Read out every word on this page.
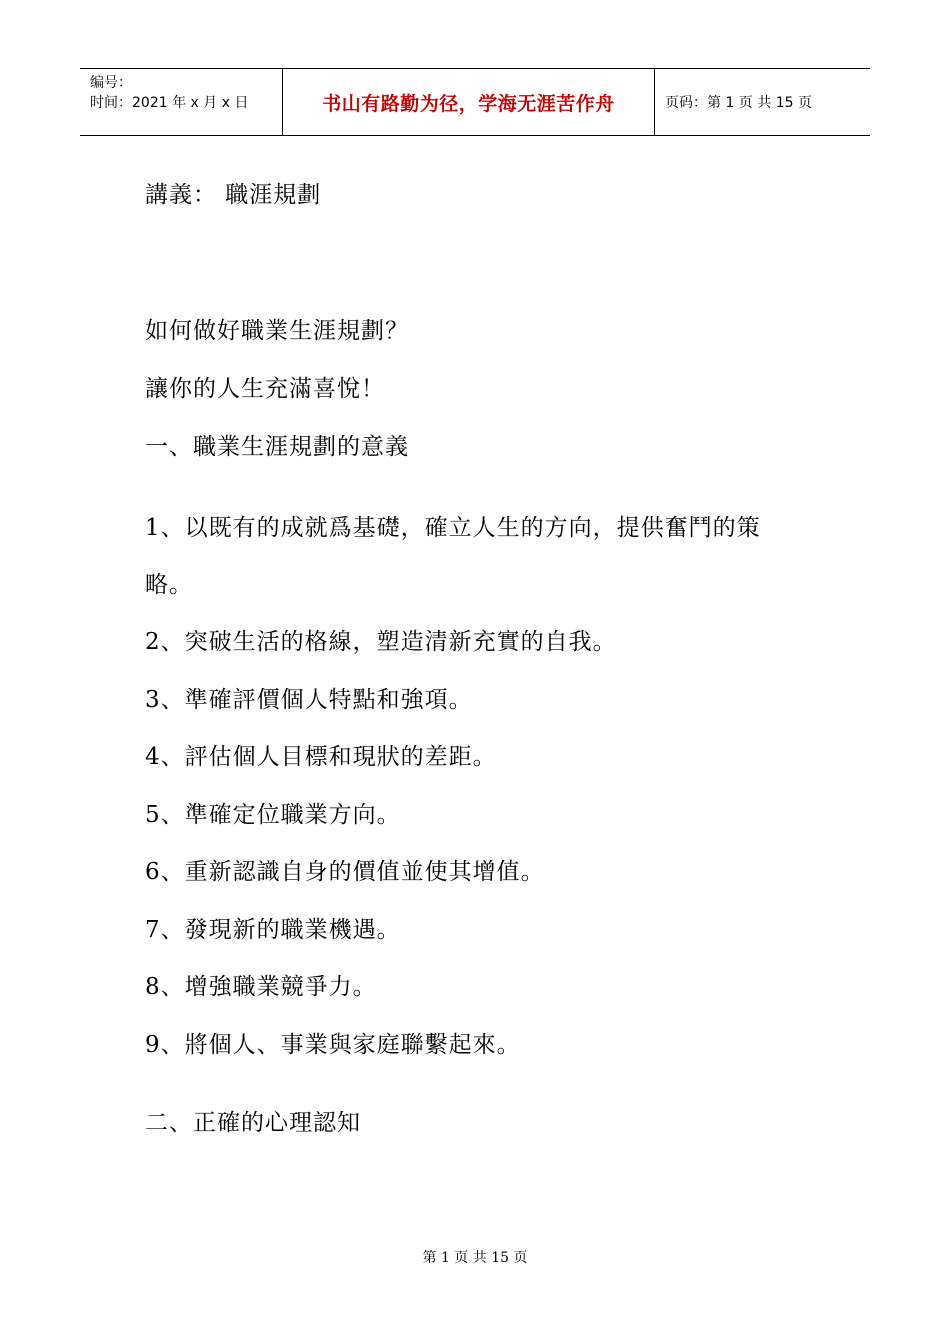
编号：
时间：2021 年 x 月 x 日	书山有路勤为径，学海无涯苦作舟	页码：第 1 页 共 15 页
講義： 職涯規劃
如何做好職業生涯規劃？
讓你的人生充滿喜悅！
一、職業生涯規劃的意義
1、以既有的成就爲基礎，確立人生的方向，提供奮鬥的策
略。
2、突破生活的格線，塑造清新充實的自我。
3、準確評價個人特點和強項。
4、評估個人目標和現狀的差距。
5、準確定位職業方向。
6、重新認識自身的價值並使其增值。
7、發現新的職業機遇。
8、增強職業競爭力。
9、將個人、事業與家庭聯繫起來。
二、正確的心理認知
第 1 页 共 15 页
